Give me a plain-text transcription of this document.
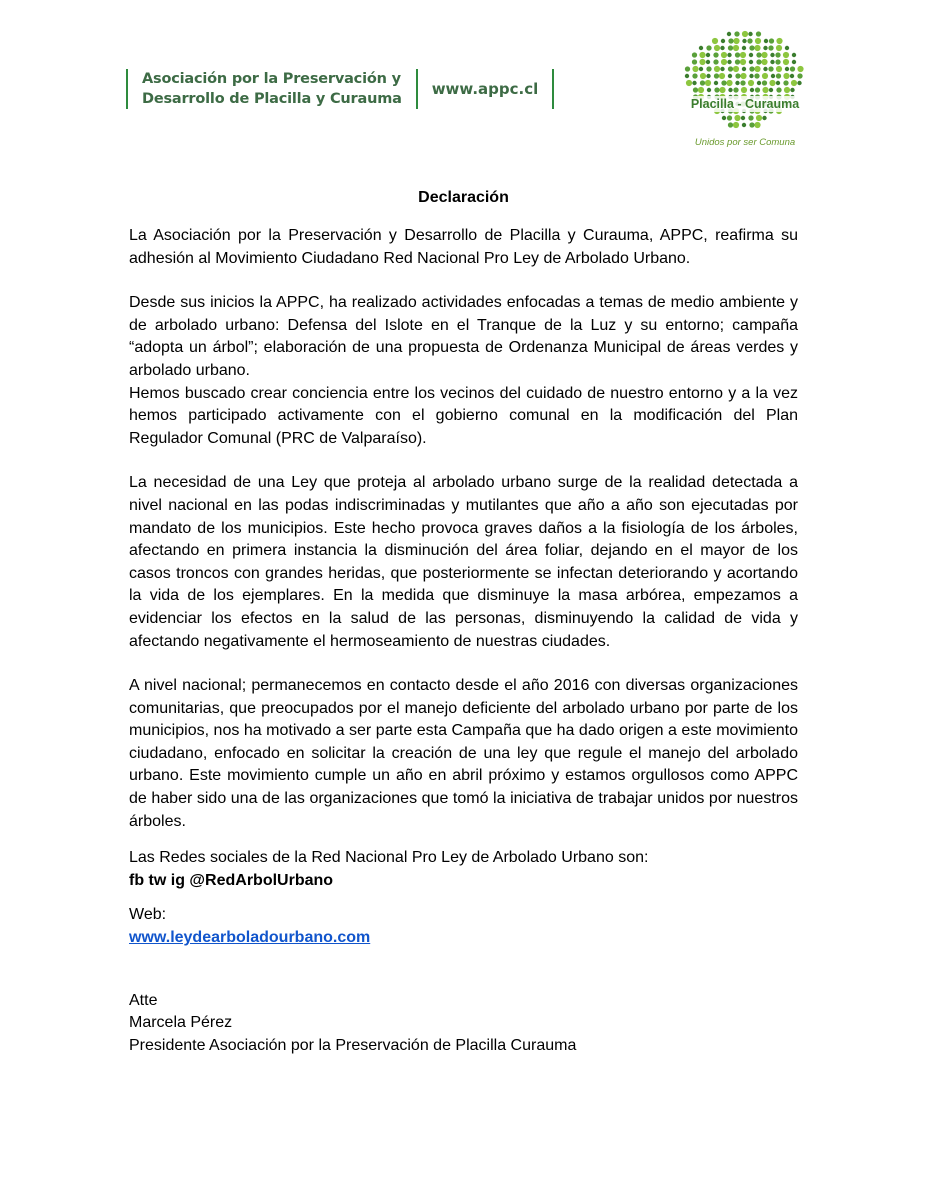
Asociación por la Preservación y
Desarrollo de Placilla y Curauma
www.appc.cl
Placilla - Curauma
Unidos por ser Comuna
Declaración

La Asociación por la Preservación y Desarrollo de Placilla y Curauma, APPC, reafirma su adhesión al Movimiento Ciudadano Red Nacional Pro Ley de Arbolado Urbano.

Desde sus inicios la APPC, ha realizado actividades enfocadas a temas de medio ambiente y de arbolado urbano: Defensa del Islote en el Tranque de la Luz y su entorno; campaña “adopta un árbol”; elaboración de una propuesta de Ordenanza Municipal de áreas verdes y arbolado urbano.

Hemos buscado crear conciencia entre los vecinos del cuidado de nuestro entorno y a la vez hemos participado activamente con el gobierno comunal en la modificación del Plan Regulador Comunal (PRC de Valparaíso).

La necesidad de una Ley que proteja al arbolado urbano surge de la realidad detectada a nivel nacional en las podas indiscriminadas y mutilantes que año a año son ejecutadas por mandato de los municipios. Este hecho provoca graves daños a la fisiología de los árboles, afectando en primera instancia la disminución del área foliar, dejando en el mayor de los casos troncos con grandes heridas, que posteriormente se infectan deteriorando y acortando la vida de los ejemplares. En la medida que disminuye la masa arbórea, empezamos a evidenciar los efectos en la salud de las personas, disminuyendo la calidad de vida y afectando negativamente el hermoseamiento de nuestras ciudades.

A nivel nacional; permanecemos en contacto desde el año 2016 con diversas organizaciones comunitarias, que preocupados por el manejo deficiente del arbolado urbano por parte de los municipios, nos ha motivado a ser parte esta Campaña que ha dado origen a este movimiento ciudadano, enfocado en solicitar la creación de una ley que regule el manejo del arbolado urbano. Este movimiento cumple un año en abril próximo y estamos orgullosos como APPC de haber sido una de las organizaciones que tomó la iniciativa de trabajar unidos por nuestros árboles.

Las Redes sociales de la Red Nacional Pro Ley de Arbolado Urbano son:
fb tw ig @RedArbolUrbano
Web:
www.leydearboladourbano.com
Atte
Marcela Pérez
Presidente Asociación por la Preservación de Placilla Curauma
